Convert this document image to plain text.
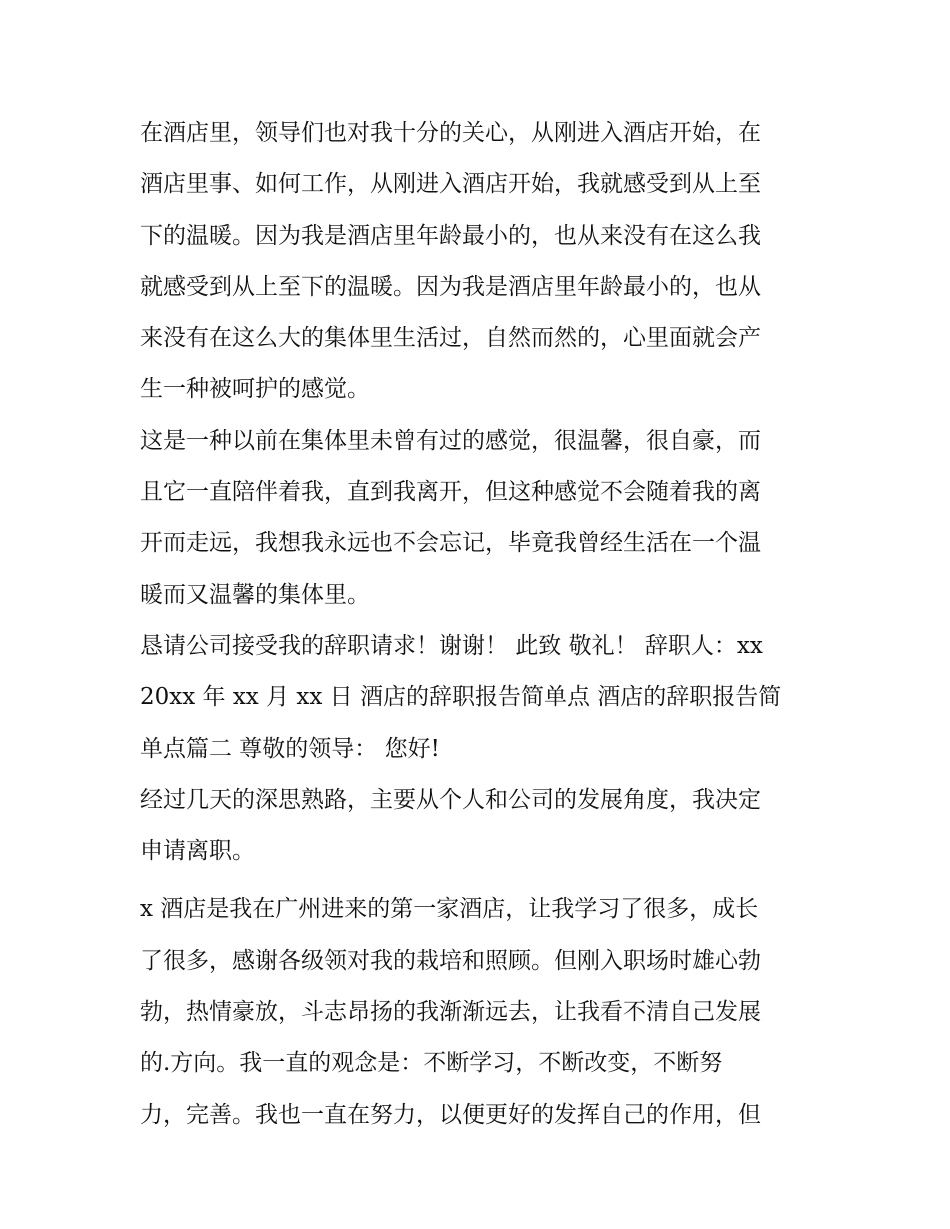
在酒店里，领导们也对我十分的关心，从刚进入酒店开始，在

酒店里事、如何工作，从刚进入酒店开始，我就感受到从上至

下的温暖。因为我是酒店里年龄最小的，也从来没有在这么我

就感受到从上至下的温暖。因为我是酒店里年龄最小的，也从

来没有在这么大的集体里生活过，自然而然的，心里面就会产

生一种被呵护的感觉。

这是一种以前在集体里未曾有过的感觉，很温馨，很自豪，而

且它一直陪伴着我，直到我离开，但这种感觉不会随着我的离

开而走远，我想我永远也不会忘记，毕竟我曾经生活在一个温

暖而又温馨的集体里。

恳请公司接受我的辞职请求！谢谢！ 此致 敬礼！ 辞职人：xx

20xx 年 xx 月 xx 日 酒店的辞职报告简单点 酒店的辞职报告简

单点篇二 尊敬的领导： 您好!

经过几天的深思熟路，主要从个人和公司的发展角度，我决定

申请离职。

x 酒店是我在广州进来的第一家酒店，让我学习了很多，成长

了很多，感谢各级领对我的栽培和照顾。但刚入职场时雄心勃

勃，热情豪放，斗志昂扬的我渐渐远去，让我看不清自己发展

的.方向。我一直的观念是：不断学习，不断改变，不断努

力，完善。我也一直在努力，以便更好的发挥自己的作用，但
